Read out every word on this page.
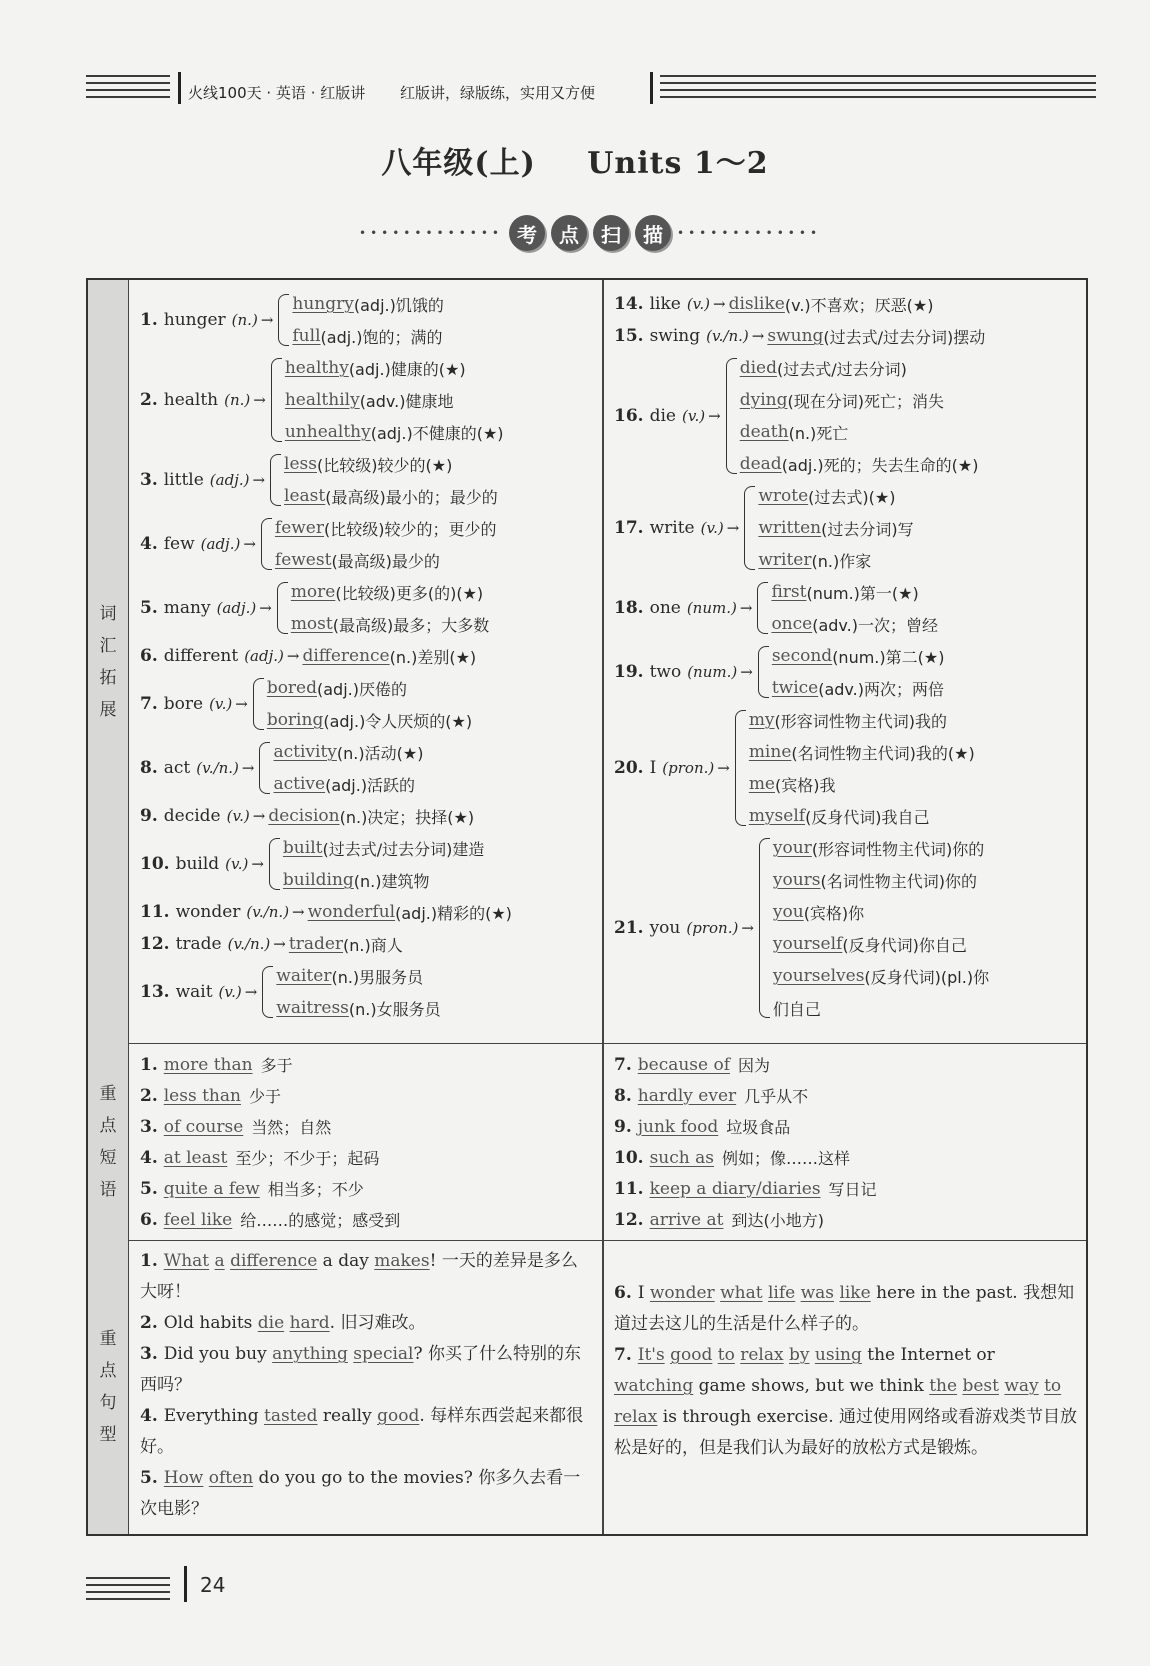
火线100天 · 英语 · 红版讲 红版讲，绿版练，实用又方便
八年级(上) Units 1～2
••••••••••••• 考	点	扫	描	•••••••••••••
词
汇
拓
展
1. hunger (n.) →
hungry (adj.)饥饿的
full (adj.)饱的；满的
2. health (n.) →
healthy (adj.)健康的(★)
healthily (adv.)健康地
unhealthy (adj.)不健康的(★)
3. little (adj.) →
less (比较级)较少的(★)
least (最高级)最小的；最少的
4. few (adj.) →
fewer (比较级)较少的；更少的
fewest (最高级)最少的
5. many (adj.) →
more (比较级)更多(的)(★)
most (最高级)最多；大多数
6. different (adj.) → difference (n.)差别(★)
7. bore (v.) →
bored (adj.)厌倦的
boring (adj.)令人厌烦的(★)
8. act (v./n.) →
activity (n.)活动(★)
active (adj.)活跃的
9. decide (v.) → decision (n.)决定；抉择(★)
10. build (v.) →
built (过去式/过去分词)建造
building (n.)建筑物
11. wonder (v./n.) → wonderful (adj.)精彩的(★)
12. trade (v./n.) → trader (n.)商人
13. wait (v.) →
waiter (n.)男服务员
waitress (n.)女服务员
14. like (v.) → dislike (v.)不喜欢；厌恶(★)
15. swing (v./n.) → swung (过去式/过去分词)摆动
16. die (v.) →
died (过去式/过去分词)
dying (现在分词)死亡；消失
death (n.)死亡
dead (adj.)死的；失去生命的(★)
17. write (v.) →
wrote (过去式)(★)
written (过去分词)写
writer (n.)作家
18. one (num.) →
first (num.)第一(★)
once (adv.)一次；曾经
19. two (num.) →
second (num.)第二(★)
twice (adv.)两次；两倍
20. I (pron.) →
my (形容词性物主代词)我的
mine (名词性物主代词)我的(★)
me (宾格)我
myself (反身代词)我自己
21. you (pron.) →
your (形容词性物主代词)你的
yours (名词性物主代词)你的
you (宾格)你
yourself (反身代词)你自己
yourselves (反身代词)(pl.)你
们自己
重
点
短
语
1. more than 多于
2. less than 少于
3. of course 当然；自然
4. at least 至少；不少于；起码
5. quite a few 相当多；不少
6. feel like 给……的感觉；感受到
7. because of 因为
8. hardly ever 几乎从不
9. junk food 垃圾食品
10. such as 例如；像……这样
11. keep a diary/diaries 写日记
12. arrive at 到达(小地方)
重
点
句
型
1. What a difference a day makes! 一天的差异是多么大呀！
2. Old habits die hard. 旧习难改。
3. Did you buy anything special? 你买了什么特别的东西吗？
4. Everything tasted really good. 每样东西尝起来都很好。
5. How often do you go to the movies? 你多久去看一次电影？
6. I wonder what life was like here in the past. 我想知道过去这儿的生活是什么样子的。
7. It's good to relax by using the Internet or watching game shows, but we think the best way to relax is through exercise. 通过使用网络或看游戏类节目放松是好的，但是我们认为最好的放松方式是锻炼。
24
